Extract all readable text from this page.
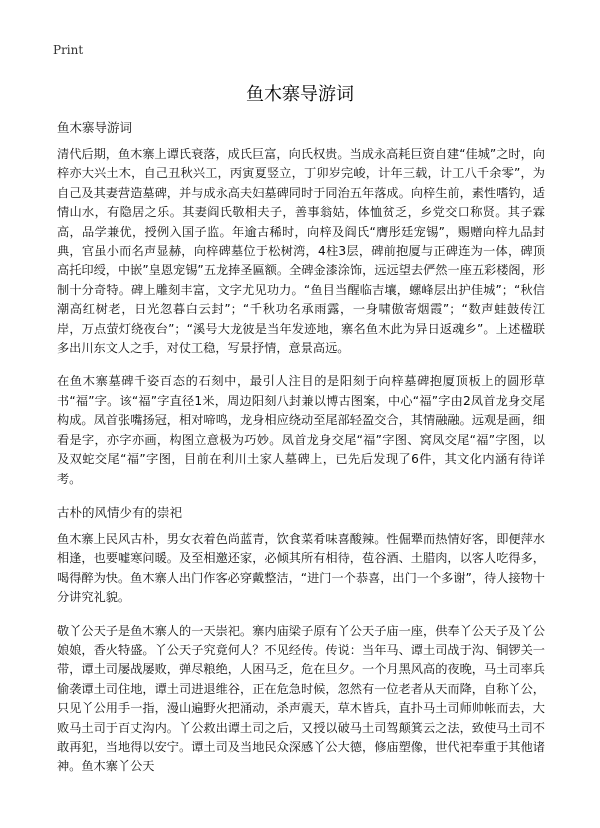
Print
鱼木寨导游词
鱼木寨导游词

清代后期，鱼木寨上谭氏衰落，成氏巨富，向氏权贵。当成永高耗巨资自建“佳城”之时，向梓亦大兴土木，自己丑秋兴工，丙寅夏竖立，丁卯岁完峻，计年三载，计工八千余零”，为自己及其妻营造墓碑，并与成永高夫妇墓碑同时于同治五年落成。向梓生前，素性嗜钓，适情山水，有隐居之乐。其妻阎氏敬相夫子，善事翁姑，体恤贫乏，乡党交口称贤。其子霖高，品学兼优，授例入国子监。年逾古稀时，向梓及阎氏“膺彤廷宠锡”，赐赠向梓九品封典，官虽小而名声显赫，向梓碑墓位于松树湾，4柱3层，碑前抱厦与正碑连为一体，碑顶高托印绶，中嵌”皇恩宠锡”五龙捧圣匾额。全碑金漆涂饰，远远望去俨然一座五彩楼阁，形制十分奇特。碑上雕刻丰富，文字尤见功力。“鱼目当醒临吉壤，螺峰层出护佳城”；“秋信潮高红树老，日光忽暮白云封”；“千秋功名承雨露，一身啸傲寄烟霞”；“数声蛙鼓传江岸，万点萤灯绕夜台”；“溪号大龙彼是当年发迹地，寨名鱼木此为异日返魂乡”。上述楹联多出川东文人之手，对仗工稳，写景抒情，意景高远。

在鱼木寨墓碑千姿百态的石刻中，最引人注目的是阳刻于向梓墓碑抱厦顶板上的圆形草书“福”字。该“福”字直径1米，周边阳刻八封兼以博古图案，中心“福”字由2凤首龙身交尾构成。凤首张嘴扬冠，相对啼鸣，龙身相应绕动至尾部轻盈交合，其情融融。远观是画，细看是字，亦字亦画，构图立意极为巧妙。凤首龙身交尾“福”字图、窝凤交尾“福”字图，以及双蛇交尾“福”字图，目前在利川土家人墓碑上，已先后发现了6件，其文化内涵有待详考。

古朴的风情少有的崇祀

鱼木寨上民风古朴，男女衣着色尚蓝青，饮食菜肴味喜酸辣。性倔犟而热情好客，即便萍水相逢，也要嘘寒问暖。及至相邀还家，必倾其所有相待，苞谷酒、土腊肉，以客人吃得多，喝得醉为快。鱼木寨人出门作客必穿戴整洁，“进门一个恭喜，出门一个多谢”，待人接物十分讲究礼貌。

敬丫公天子是鱼木寨人的一天崇祀。寨内庙梁子原有丫公天子庙一座，供奉丫公天子及丫公娘娘，香火特盛。丫公天子究竟何人？不见经传。传说：当年马、谭土司战于沟、铜锣关一带，谭土司屡战屡败，弹尽粮绝，人困马乏，危在旦夕。一个月黑风高的夜晚，马土司率兵偷袭谭土司住地，谭土司进退维谷，正在危急时候，忽然有一位老者从天而降，自称丫公，只见丫公用手一指，漫山遍野火把涌动，杀声震天，草木皆兵，直扑马土司师帅帐而去，大败马土司于百丈沟内。丫公救出谭土司之后，又授以破马土司驾颠箕云之法，致使马土司不敢再犯，当地得以安宁。谭土司及当地民众深感丫公大德，修庙塑像，世代祀奉重于其他诸神。鱼木寨丫公天
